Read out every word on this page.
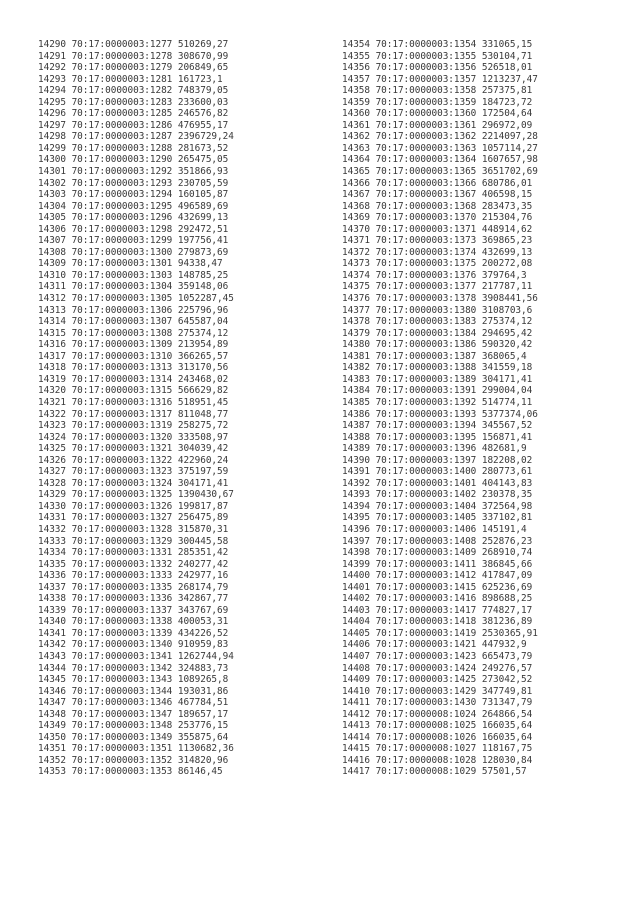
14290 70:17:0000003:1277 510269,27
14291 70:17:0000003:1278 308670,99
14292 70:17:0000003:1279 206849,65
14293 70:17:0000003:1281 161723,1
14294 70:17:0000003:1282 748379,05
14295 70:17:0000003:1283 233600,03
14296 70:17:0000003:1285 246576,82
14297 70:17:0000003:1286 476955,17
14298 70:17:0000003:1287 2396729,24
14299 70:17:0000003:1288 281673,52
14300 70:17:0000003:1290 265475,05
14301 70:17:0000003:1292 351866,93
14302 70:17:0000003:1293 230705,59
14303 70:17:0000003:1294 160105,87
14304 70:17:0000003:1295 496589,69
14305 70:17:0000003:1296 432699,13
14306 70:17:0000003:1298 292472,51
14307 70:17:0000003:1299 197756,41
14308 70:17:0000003:1300 279873,69
14309 70:17:0000003:1301 94338,47
14310 70:17:0000003:1303 148785,25
14311 70:17:0000003:1304 359148,06
14312 70:17:0000003:1305 1052287,45
14313 70:17:0000003:1306 225796,96
14314 70:17:0000003:1307 645587,04
14315 70:17:0000003:1308 275374,12
14316 70:17:0000003:1309 213954,89
14317 70:17:0000003:1310 366265,57
14318 70:17:0000003:1313 313170,56
14319 70:17:0000003:1314 243468,02
14320 70:17:0000003:1315 566629,82
14321 70:17:0000003:1316 518951,45
14322 70:17:0000003:1317 811048,77
14323 70:17:0000003:1319 258275,72
14324 70:17:0000003:1320 333508,97
14325 70:17:0000003:1321 304039,42
14326 70:17:0000003:1322 422960,24
14327 70:17:0000003:1323 375197,59
14328 70:17:0000003:1324 304171,41
14329 70:17:0000003:1325 1390430,67
14330 70:17:0000003:1326 199817,87
14331 70:17:0000003:1327 256475,89
14332 70:17:0000003:1328 315870,31
14333 70:17:0000003:1329 300445,58
14334 70:17:0000003:1331 285351,42
14335 70:17:0000003:1332 240277,42
14336 70:17:0000003:1333 242977,16
14337 70:17:0000003:1335 268174,79
14338 70:17:0000003:1336 342867,77
14339 70:17:0000003:1337 343767,69
14340 70:17:0000003:1338 400053,31
14341 70:17:0000003:1339 434226,52
14342 70:17:0000003:1340 910959,83
14343 70:17:0000003:1341 1262744,94
14344 70:17:0000003:1342 324883,73
14345 70:17:0000003:1343 1089265,8
14346 70:17:0000003:1344 193031,86
14347 70:17:0000003:1346 467784,51
14348 70:17:0000003:1347 189657,17
14349 70:17:0000003:1348 253776,15
14350 70:17:0000003:1349 355875,64
14351 70:17:0000003:1351 1130682,36
14352 70:17:0000003:1352 314820,96
14353 70:17:0000003:1353 86146,45
14354 70:17:0000003:1354 331065,15
14355 70:17:0000003:1355 530104,71
14356 70:17:0000003:1356 526518,01
14357 70:17:0000003:1357 1213237,47
14358 70:17:0000003:1358 257375,81
14359 70:17:0000003:1359 184723,72
14360 70:17:0000003:1360 172504,64
14361 70:17:0000003:1361 296972,09
14362 70:17:0000003:1362 2214097,28
14363 70:17:0000003:1363 1057114,27
14364 70:17:0000003:1364 1607657,98
14365 70:17:0000003:1365 3651702,69
14366 70:17:0000003:1366 680786,01
14367 70:17:0000003:1367 406598,15
14368 70:17:0000003:1368 283473,35
14369 70:17:0000003:1370 215304,76
14370 70:17:0000003:1371 448914,62
14371 70:17:0000003:1373 369865,23
14372 70:17:0000003:1374 432699,13
14373 70:17:0000003:1375 200272,08
14374 70:17:0000003:1376 379764,3
14375 70:17:0000003:1377 217787,11
14376 70:17:0000003:1378 3908441,56
14377 70:17:0000003:1380 3108703,6
14378 70:17:0000003:1383 275374,12
14379 70:17:0000003:1384 294695,42
14380 70:17:0000003:1386 590320,42
14381 70:17:0000003:1387 368065,4
14382 70:17:0000003:1388 341559,18
14383 70:17:0000003:1389 304171,41
14384 70:17:0000003:1391 299004,04
14385 70:17:0000003:1392 514774,11
14386 70:17:0000003:1393 5377374,06
14387 70:17:0000003:1394 345567,52
14388 70:17:0000003:1395 156871,41
14389 70:17:0000003:1396 482681,9
14390 70:17:0000003:1397 182208,02
14391 70:17:0000003:1400 280773,61
14392 70:17:0000003:1401 404143,83
14393 70:17:0000003:1402 230378,35
14394 70:17:0000003:1404 372564,98
14395 70:17:0000003:1405 337102,81
14396 70:17:0000003:1406 145191,4
14397 70:17:0000003:1408 252876,23
14398 70:17:0000003:1409 268910,74
14399 70:17:0000003:1411 386845,66
14400 70:17:0000003:1412 417847,09
14401 70:17:0000003:1415 625236,69
14402 70:17:0000003:1416 898688,25
14403 70:17:0000003:1417 774827,17
14404 70:17:0000003:1418 381236,89
14405 70:17:0000003:1419 2530365,91
14406 70:17:0000003:1421 447932,9
14407 70:17:0000003:1423 665473,79
14408 70:17:0000003:1424 249276,57
14409 70:17:0000003:1425 273042,52
14410 70:17:0000003:1429 347749,81
14411 70:17:0000003:1430 731347,79
14412 70:17:0000008:1024 264866,54
14413 70:17:0000008:1025 166035,64
14414 70:17:0000008:1026 166035,64
14415 70:17:0000008:1027 118167,75
14416 70:17:0000008:1028 128030,84
14417 70:17:0000008:1029 57501,57
